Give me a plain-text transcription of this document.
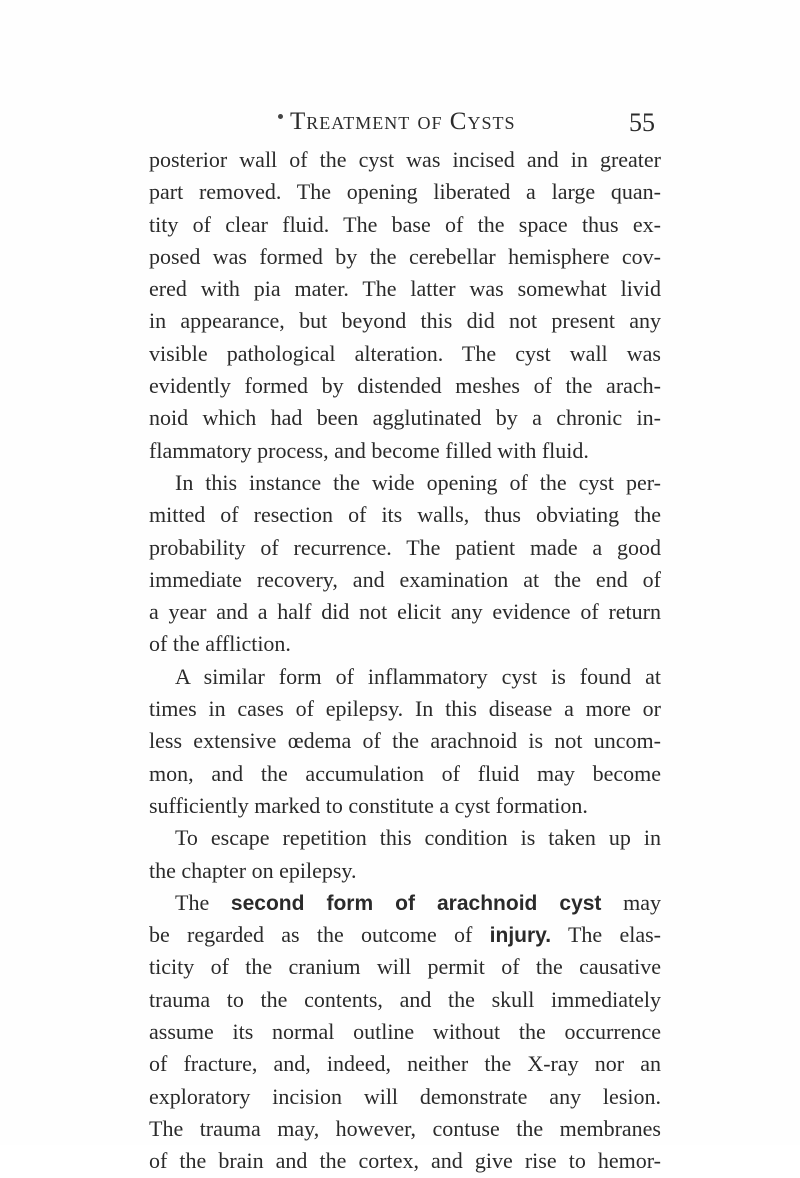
Treatment of Cysts	55
posterior wall of the cyst was incised and in greater
part removed. The opening liberated a large quan-
tity of clear fluid. The base of the space thus ex-
posed was formed by the cerebellar hemisphere cov-
ered with pia mater. The latter was somewhat livid
in appearance, but beyond this did not present any
visible pathological alteration. The cyst wall was
evidently formed by distended meshes of the arach-
noid which had been agglutinated by a chronic in-
flammatory process, and become filled with fluid.
In this instance the wide opening of the cyst per-
mitted of resection of its walls, thus obviating the
probability of recurrence. The patient made a good
immediate recovery, and examination at the end of
a year and a half did not elicit any evidence of return
of the affliction.
A similar form of inflammatory cyst is found at
times in cases of epilepsy. In this disease a more or
less extensive œdema of the arachnoid is not uncom-
mon, and the accumulation of fluid may become
sufficiently marked to constitute a cyst formation.
To escape repetition this condition is taken up in
the chapter on epilepsy.
The second form of arachnoid cyst may
be regarded as the outcome of injury. The elas-
ticity of the cranium will permit of the causative
trauma to the contents, and the skull immediately
assume its normal outline without the occurrence
of fracture, and, indeed, neither the X-ray nor an
exploratory incision will demonstrate any lesion.
The trauma may, however, contuse the membranes
of the brain and the cortex, and give rise to hemor-
